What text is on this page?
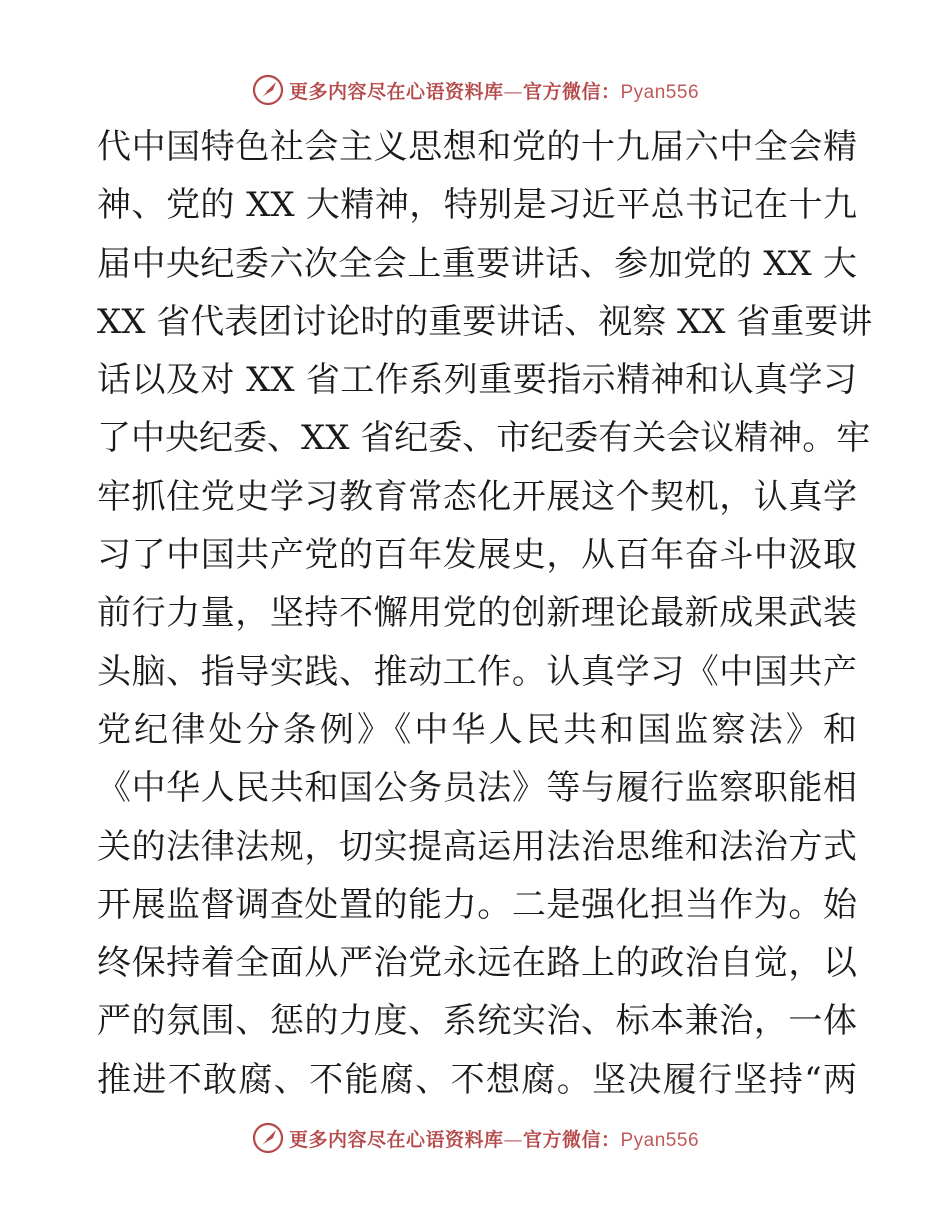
更多内容尽在心语资料库—官方微信：Pyan556
代中国特色社会主义思想和党的十九届六中全会精
神、党的 XX 大精神，特别是习近平总书记在十九
届中央纪委六次全会上重要讲话、参加党的 XX 大
XX 省代表团讨论时的重要讲话、视察 XX 省重要讲
话以及对 XX 省工作系列重要指示精神和认真学习
了中央纪委、XX 省纪委、市纪委有关会议精神。牢
牢抓住党史学习教育常态化开展这个契机，认真学
习了中国共产党的百年发展史，从百年奋斗中汲取
前行力量，坚持不懈用党的创新理论最新成果武装
头脑、指导实践、推动工作。认真学习《中国共产
党纪律处分条例》《中华人民共和国监察法》和
《中华人民共和国公务员法》等与履行监察职能相
关的法律法规，切实提高运用法治思维和法治方式
开展监督调查处置的能力。二是强化担当作为。始
终保持着全面从严治党永远在路上的政治自觉，以
严的氛围、惩的力度、系统实治、标本兼治，一体
推进不敢腐、不能腐、不想腐。坚决履行坚持“两
更多内容尽在心语资料库—官方微信：Pyan556
